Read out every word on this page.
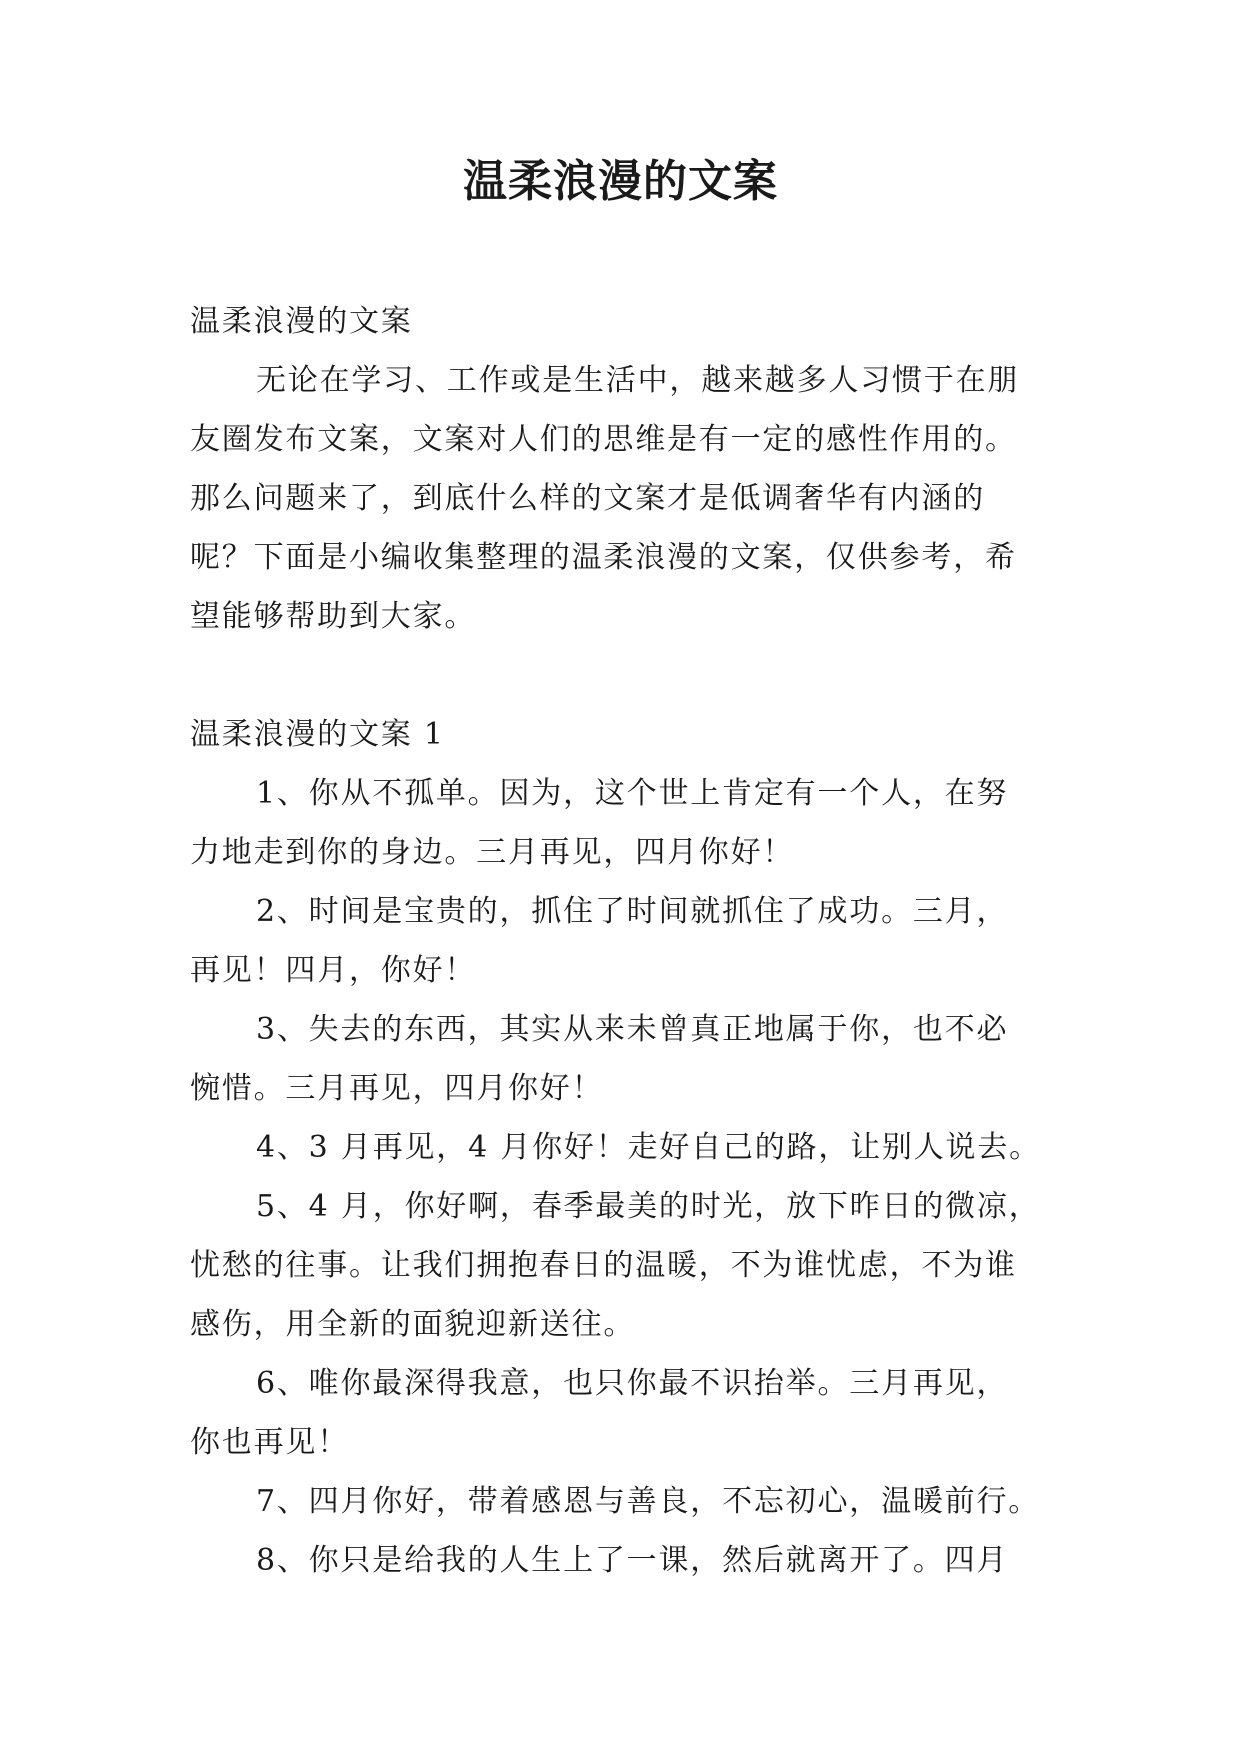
温柔浪漫的文案
温柔浪漫的文案
无论在学习、工作或是生活中，越来越多人习惯于在朋
友圈发布文案，文案对人们的思维是有一定的感性作用的。
那么问题来了，到底什么样的文案才是低调奢华有内涵的
呢？下面是小编收集整理的温柔浪漫的文案，仅供参考，希
望能够帮助到大家。
温柔浪漫的文案 1
1、你从不孤单。因为，这个世上肯定有一个人，在努
力地走到你的身边。三月再见，四月你好！
2、时间是宝贵的，抓住了时间就抓住了成功。三月，
再见！四月，你好！
3、失去的东西，其实从来未曾真正地属于你，也不必
惋惜。三月再见，四月你好！
4、3 月再见，4 月你好！走好自己的路，让别人说去。
5、4 月，你好啊，春季最美的时光，放下昨日的微凉，
忧愁的往事。让我们拥抱春日的温暖，不为谁忧虑，不为谁
感伤，用全新的面貌迎新送往。
6、唯你最深得我意，也只你最不识抬举。三月再见，
你也再见！
7、四月你好，带着感恩与善良，不忘初心，温暖前行。
8、你只是给我的人生上了一课，然后就离开了。四月
